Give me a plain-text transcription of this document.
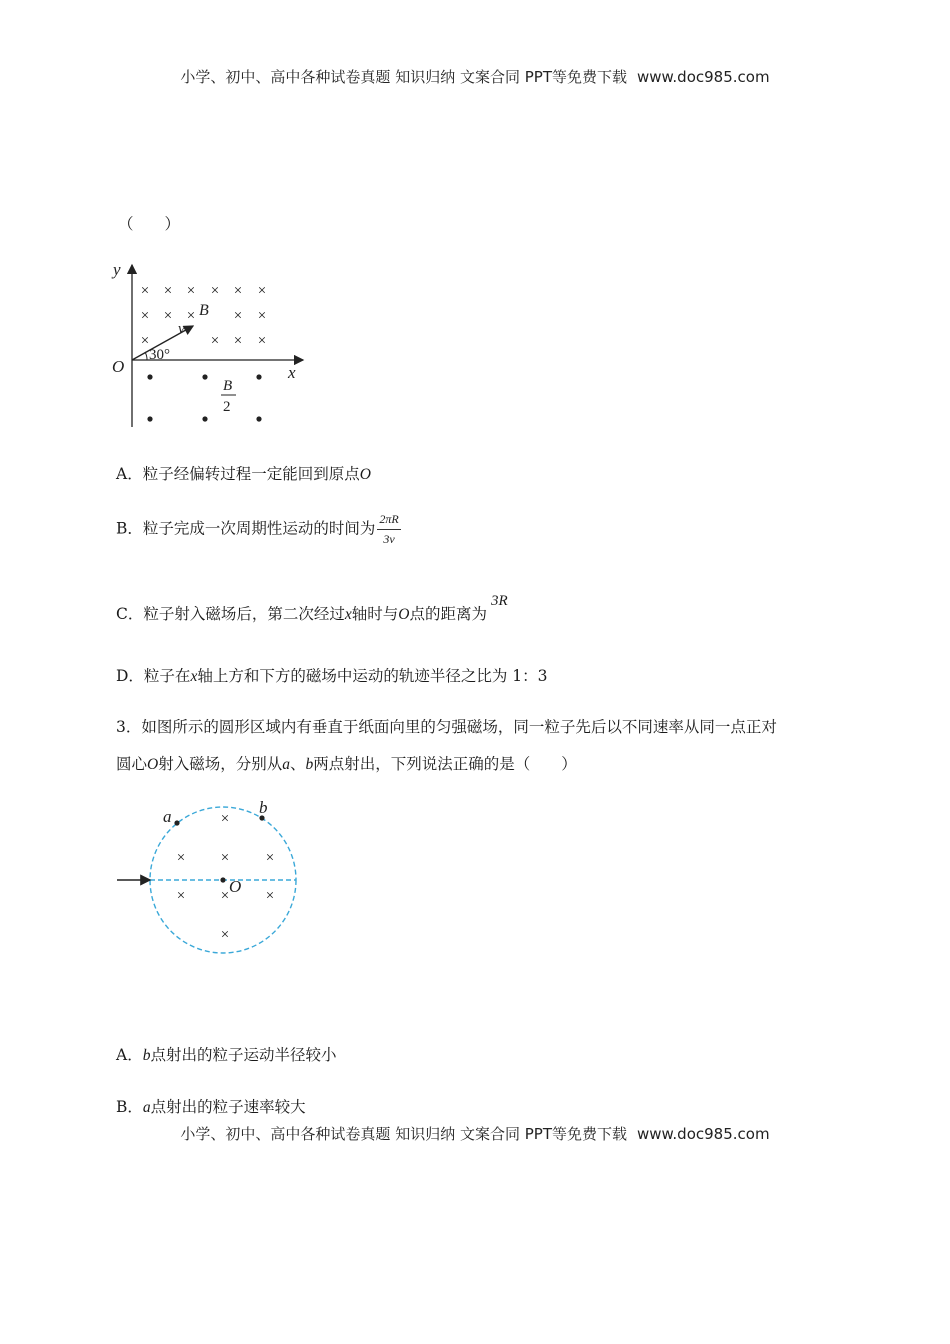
小学、初中、高中各种试卷真题 知识归纳 文案合同 PPT等免费下载 www.doc985.com
（　　）
y
x
O
× × × × × ×
× × ×	× ×
×	× × ×
B
v
30°
B
2
A．粒子经偏转过程一定能回到原点O
B．粒子完成一次周期性运动的时间为 $\frac{2\pi R}{3v}$
C．粒子射入磁场后，第二次经过x轴时与O点的距离为3R
D．粒子在x轴上方和下方的磁场中运动的轨迹半径之比为 1：3
3．如图所示的圆形区域内有垂直于纸面向里的匀强磁场，同一粒子先后以不同速率从同一点正对
圆心O射入磁场，分别从a、b两点射出，下列说法正确的是（　　）
×
× × ×
× × ×
×
O
a	b
A．b点射出的粒子运动半径较小
B．a点射出的粒子速率较大
小学、初中、高中各种试卷真题 知识归纳 文案合同 PPT等免费下载 www.doc985.com
